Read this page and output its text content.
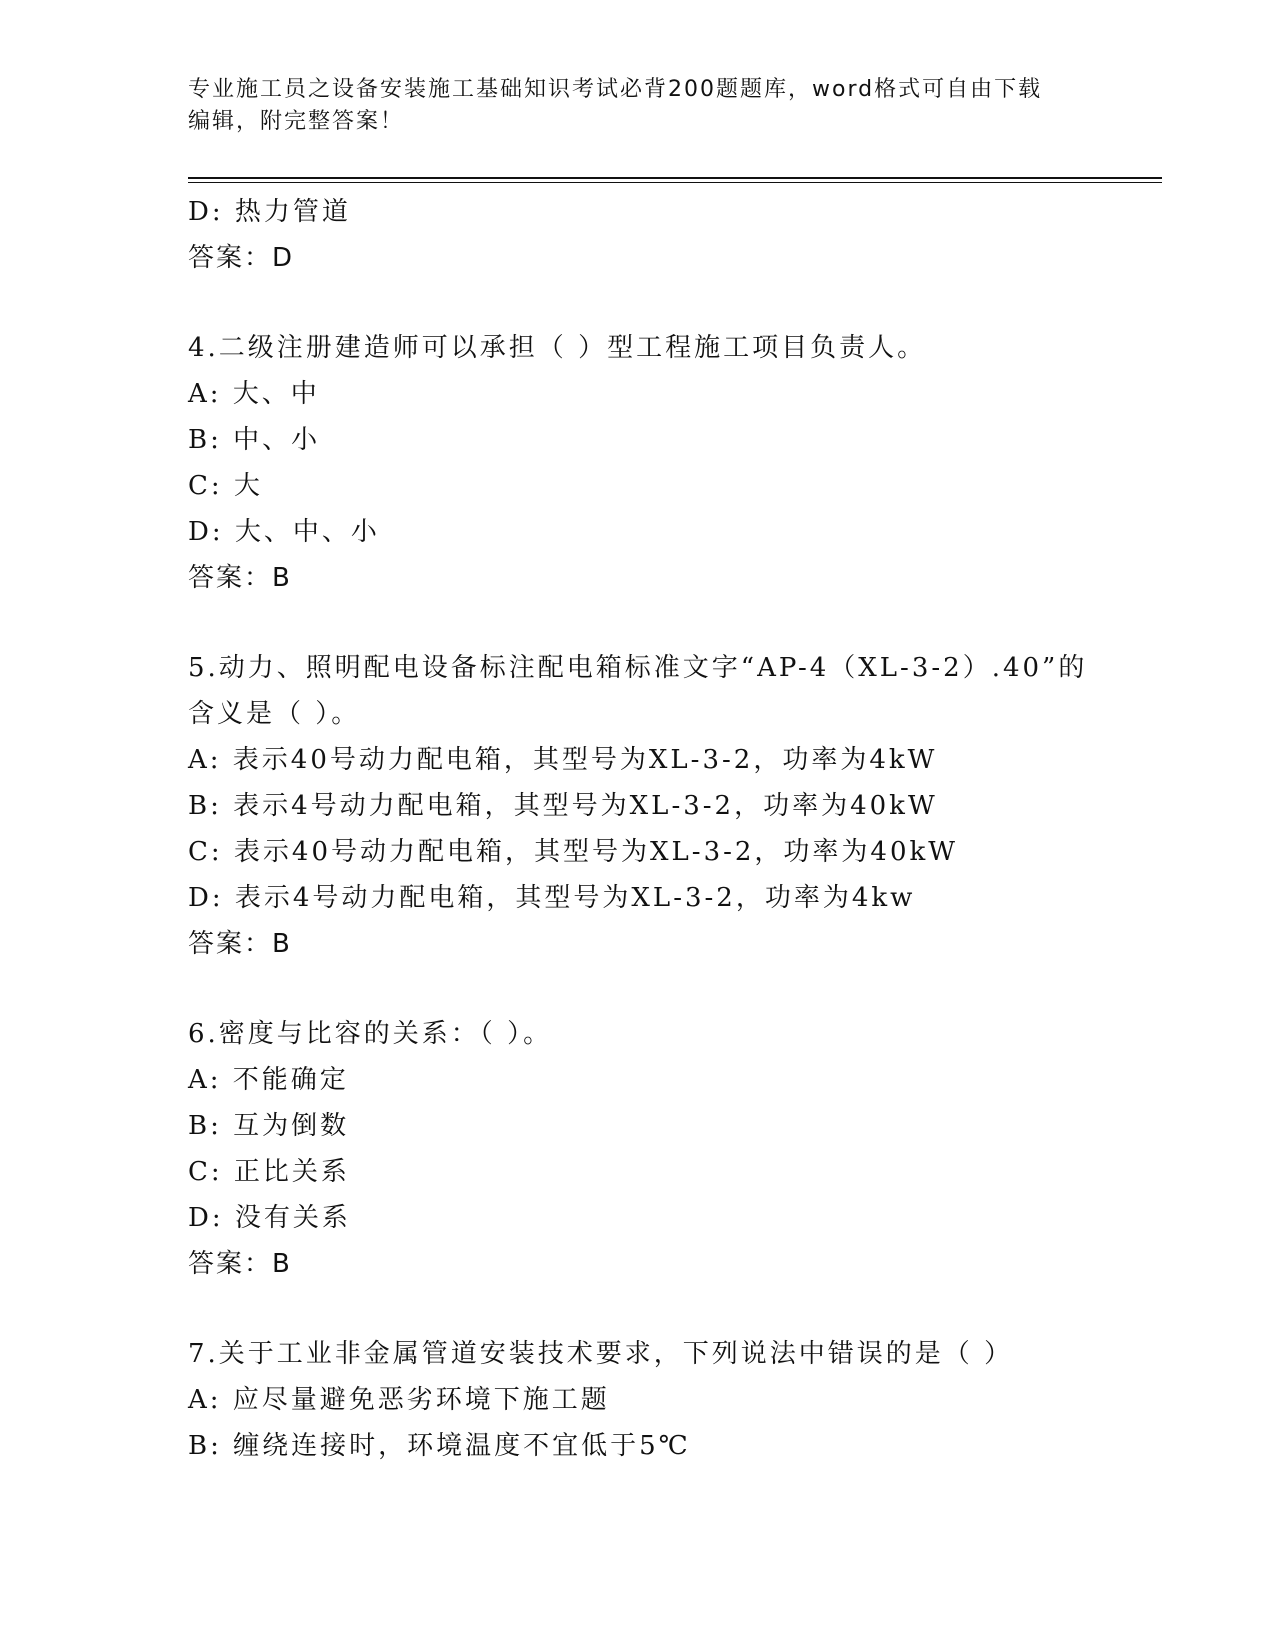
专业施工员之设备安装施工基础知识考试必背200题题库，word格式可自由下载
编辑，附完整答案！
D: 热力管道
答案：D
4.二级注册建造师可以承担（ ）型工程施工项目负责人。
A: 大、中
B: 中、小
C: 大
D: 大、中、小
答案：B
5.动力、照明配电设备标注配电箱标准文字“AP-4（XL-3-2）.40”的
含义是（ ）。
A: 表示40号动力配电箱，其型号为XL-3-2，功率为4kW
B: 表示4号动力配电箱，其型号为XL-3-2，功率为40kW
C: 表示40号动力配电箱，其型号为XL-3-2，功率为40kW
D: 表示4号动力配电箱，其型号为XL-3-2，功率为4kw
答案：B
6.密度与比容的关系：（ ）。
A: 不能确定
B: 互为倒数
C: 正比关系
D: 没有关系
答案：B
7.关于工业非金属管道安装技术要求，下列说法中错误的是（ ）
A: 应尽量避免恶劣环境下施工题
B: 缠绕连接时，环境温度不宜低于5℃
